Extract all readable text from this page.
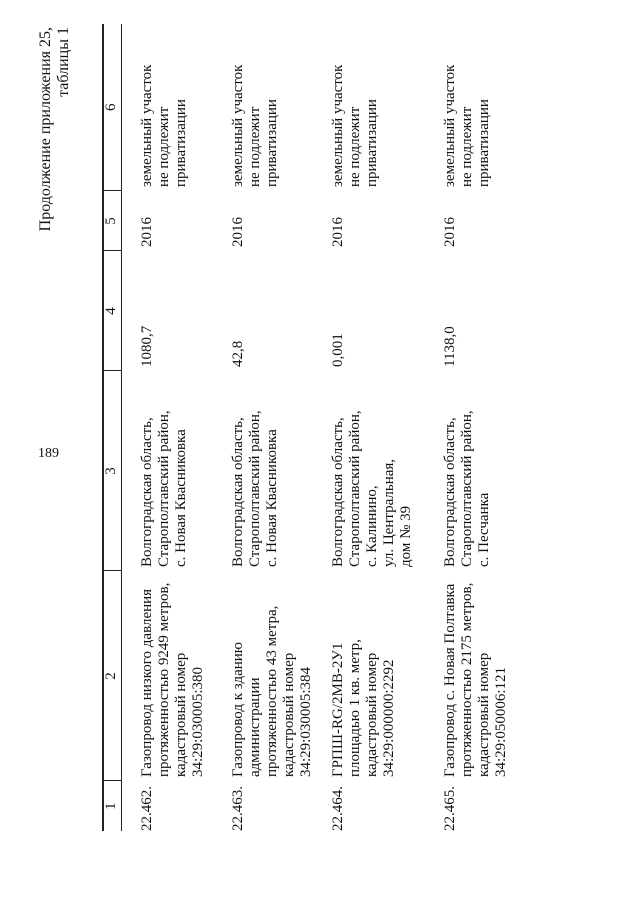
189
Продолжение приложения 25, таблицы 1
1	2	3	4	5	6
22.462.	Газопровод низкого давления
протяженностью 9249 метров,
кадастровый номер
34:29:030005:380	Волгоградская область,
Старополтавский район,
с. Новая Квасниковка	1080,7	2016	земельный участок
не подлежит
приватизации
22.463.	Газопровод к зданию
администрации
протяженностью 43 метра,
кадастровый номер
34:29:030005:384	Волгоградская область,
Старополтавский район,
с. Новая Квасниковка	42,8	2016	земельный участок
не подлежит
приватизации
22.464.	ГРПШ-RG/2MB-2У1
площадью 1 кв. метр,
кадастровый номер
34:29:000000:2292	Волгоградская область,
Старополтавский район,
с. Калинино,
ул. Центральная,
дом № 39	0,001	2016	земельный участок
не подлежит
приватизации
22.465.	Газопровод с. Новая Полтавка
протяженностью 2175 метров,
кадастровый номер
34:29:050006:121	Волгоградская область,
Старополтавский район,
с. Песчанка	1138,0	2016	земельный участок
не подлежит
приватизации
